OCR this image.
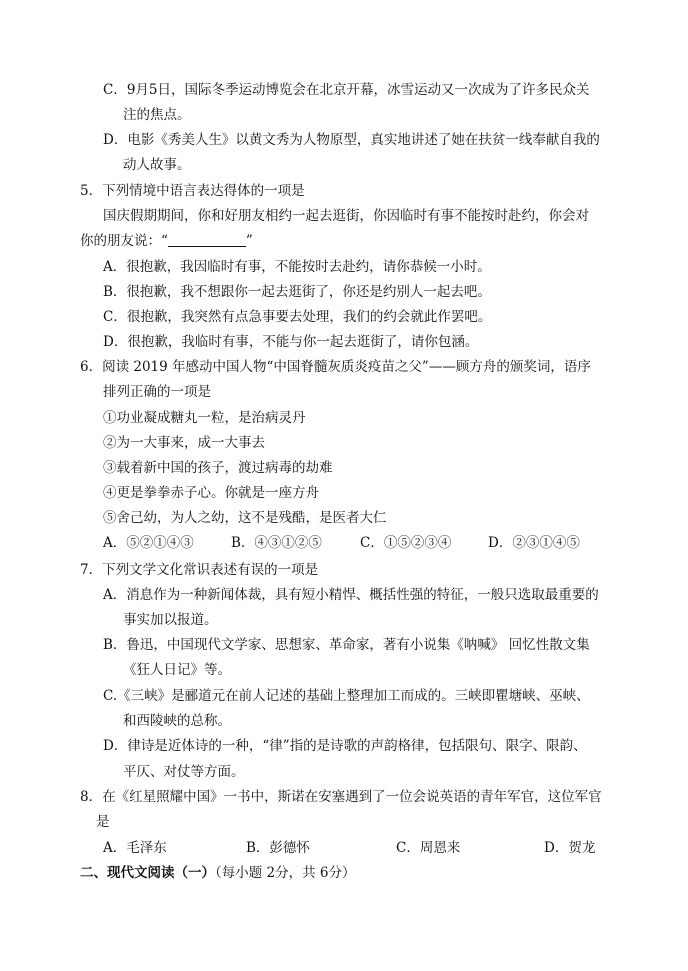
C．9月5日，国际冬季运动博览会在北京开幕，冰雪运动又一次成为了许多民众关
注的焦点。
D．电影《秀美人生》以黄文秀为人物原型，真实地讲述了她在扶贫一线奉献自我的
动人故事。
5．下列情境中语言表达得体的一项是
国庆假期期间，你和好朋友相约一起去逛街，你因临时有事不能按时赴约，你会对
你的朋友说：“	”
A．很抱歉，我因临时有事，不能按时去赴约，请你恭候一小时。
B．很抱歉，我不想跟你一起去逛街了，你还是约别人一起去吧。
C．很抱歉，我突然有点急事要去处理，我们的约会就此作罢吧。
D．很抱歉，我临时有事，不能与你一起去逛街了，请你包涵。
6．阅读 2019 年感动中国人物“中国脊髓灰质炎疫苗之父”——顾方舟的颁奖词，语序
排列正确的一项是
①功业凝成糖丸一粒，是治病灵丹
②为一大事来，成一大事去
③载着新中国的孩子，渡过病毒的劫难
④更是拳拳赤子心。你就是一座方舟
⑤舍己幼，为人之幼，这不是残酷，是医者大仁
A．⑤②①④③	B．④③①②⑤	C．①⑤②③④	D．②③①④⑤
7．下列文学文化常识表述有误的一项是
A．消息作为一种新闻体裁，具有短小精悍、概括性强的特征，一般只选取最重要的
事实加以报道。
B．鲁迅，中国现代文学家、思想家、革命家，著有小说集《呐喊》 回忆性散文集
《狂人日记》等。
C.《三峡》是郦道元在前人记述的基础上整理加工而成的。三峡即瞿塘峡、巫峡、
和西陵峡的总称。
D．律诗是近体诗的一种，“律”指的是诗歌的声韵格律，包括限句、限字、限韵、
平仄、对仗等方面。
8．在《红星照耀中国》一书中，斯诺在安塞遇到了一位会说英语的青年军官，这位军官
是
A．毛泽东	B．彭德怀	C．周恩来	D．贺龙
二、现代文阅读（一）（每小题 2分，共 6分）
